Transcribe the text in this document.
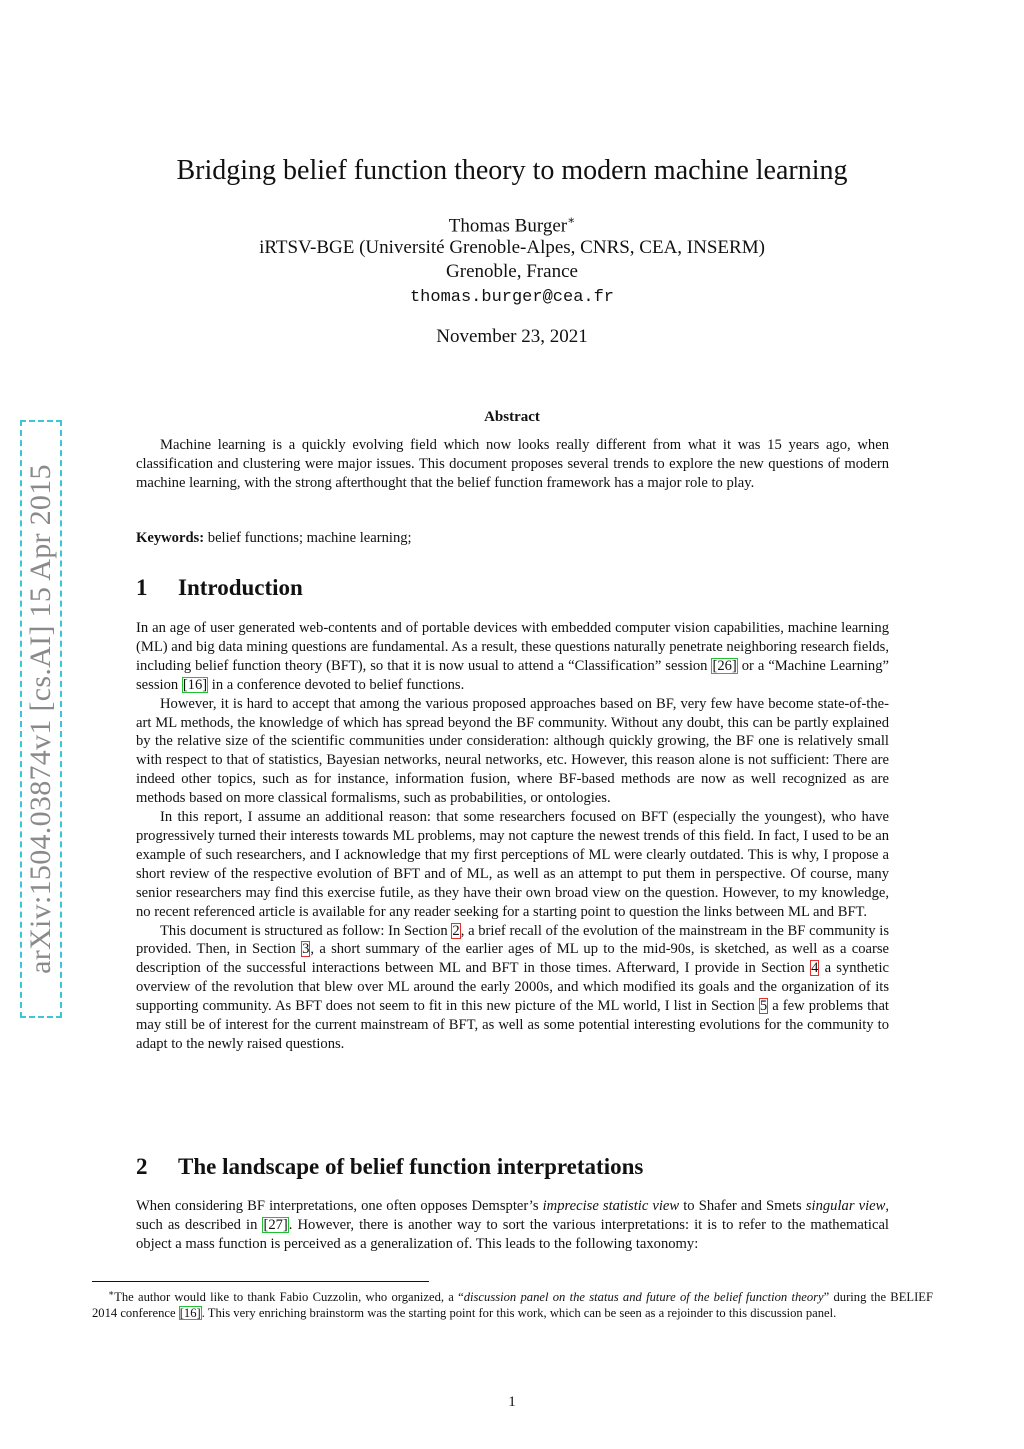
arXiv:1504.03874v1 [cs.AI] 15 Apr 2015
Bridging belief function theory to modern machine learning
Thomas Burger∗
iRTSV-BGE (Université Grenoble-Alpes, CNRS, CEA, INSERM)
Grenoble, France
thomas.burger@cea.fr
November 23, 2021
Abstract

Machine learning is a quickly evolving field which now looks really different from what it was 15 years ago, when classification and clustering were major issues. This document proposes several trends to explore the new questions of modern machine learning, with the strong afterthought that the belief function framework has a major role to play.

Keywords: belief functions; machine learning;
1 Introduction

In an age of user generated web-contents and of portable devices with embedded computer vision capabilities, machine learning (ML) and big data mining questions are fundamental. As a result, these questions naturally penetrate neighboring research fields, including belief function theory (BFT), so that it is now usual to attend a “Classification” session [26] or a “Machine Learning” session [16] in a conference devoted to belief functions.

However, it is hard to accept that among the various proposed approaches based on BF, very few have become state-of-the-art ML methods, the knowledge of which has spread beyond the BF community. Without any doubt, this can be partly explained by the relative size of the scientific communities under consideration: although quickly growing, the BF one is relatively small with respect to that of statistics, Bayesian networks, neural networks, etc. However, this reason alone is not sufficient: There are indeed other topics, such as for instance, information fusion, where BF-based methods are now as well recognized as are methods based on more classical formalisms, such as probabilities, or ontologies.

In this report, I assume an additional reason: that some researchers focused on BFT (especially the youngest), who have progressively turned their interests towards ML problems, may not capture the newest trends of this field. In fact, I used to be an example of such researchers, and I acknowledge that my first perceptions of ML were clearly outdated. This is why, I propose a short review of the respective evolution of BFT and of ML, as well as an attempt to put them in perspective. Of course, many senior researchers may find this exercise futile, as they have their own broad view on the question. However, to my knowledge, no recent referenced article is available for any reader seeking for a starting point to question the links between ML and BFT.

This document is structured as follow: In Section 2, a brief recall of the evolution of the mainstream in the BF community is provided. Then, in Section 3, a short summary of the earlier ages of ML up to the mid-90s, is sketched, as well as a coarse description of the successful interactions between ML and BFT in those times. Afterward, I provide in Section 4 a synthetic overview of the revolution that blew over ML around the early 2000s, and which modified its goals and the organization of its supporting community. As BFT does not seem to fit in this new picture of the ML world, I list in Section 5 a few problems that may still be of interest for the current mainstream of BFT, as well as some potential interesting evolutions for the community to adapt to the newly raised questions.

2 The landscape of belief function interpretations

When considering BF interpretations, one often opposes Demspter’s imprecise statistic view to Shafer and Smets singular view, such as described in [27]. However, there is another way to sort the various interpretations: it is to refer to the mathematical object a mass function is perceived as a generalization of. This leads to the following taxonomy:

∗The author would like to thank Fabio Cuzzolin, who organized, a “discussion panel on the status and future of the belief function theory” during the BELIEF 2014 conference [16]. This very enriching brainstorm was the starting point for this work, which can be seen as a rejoinder to this discussion panel.

1
